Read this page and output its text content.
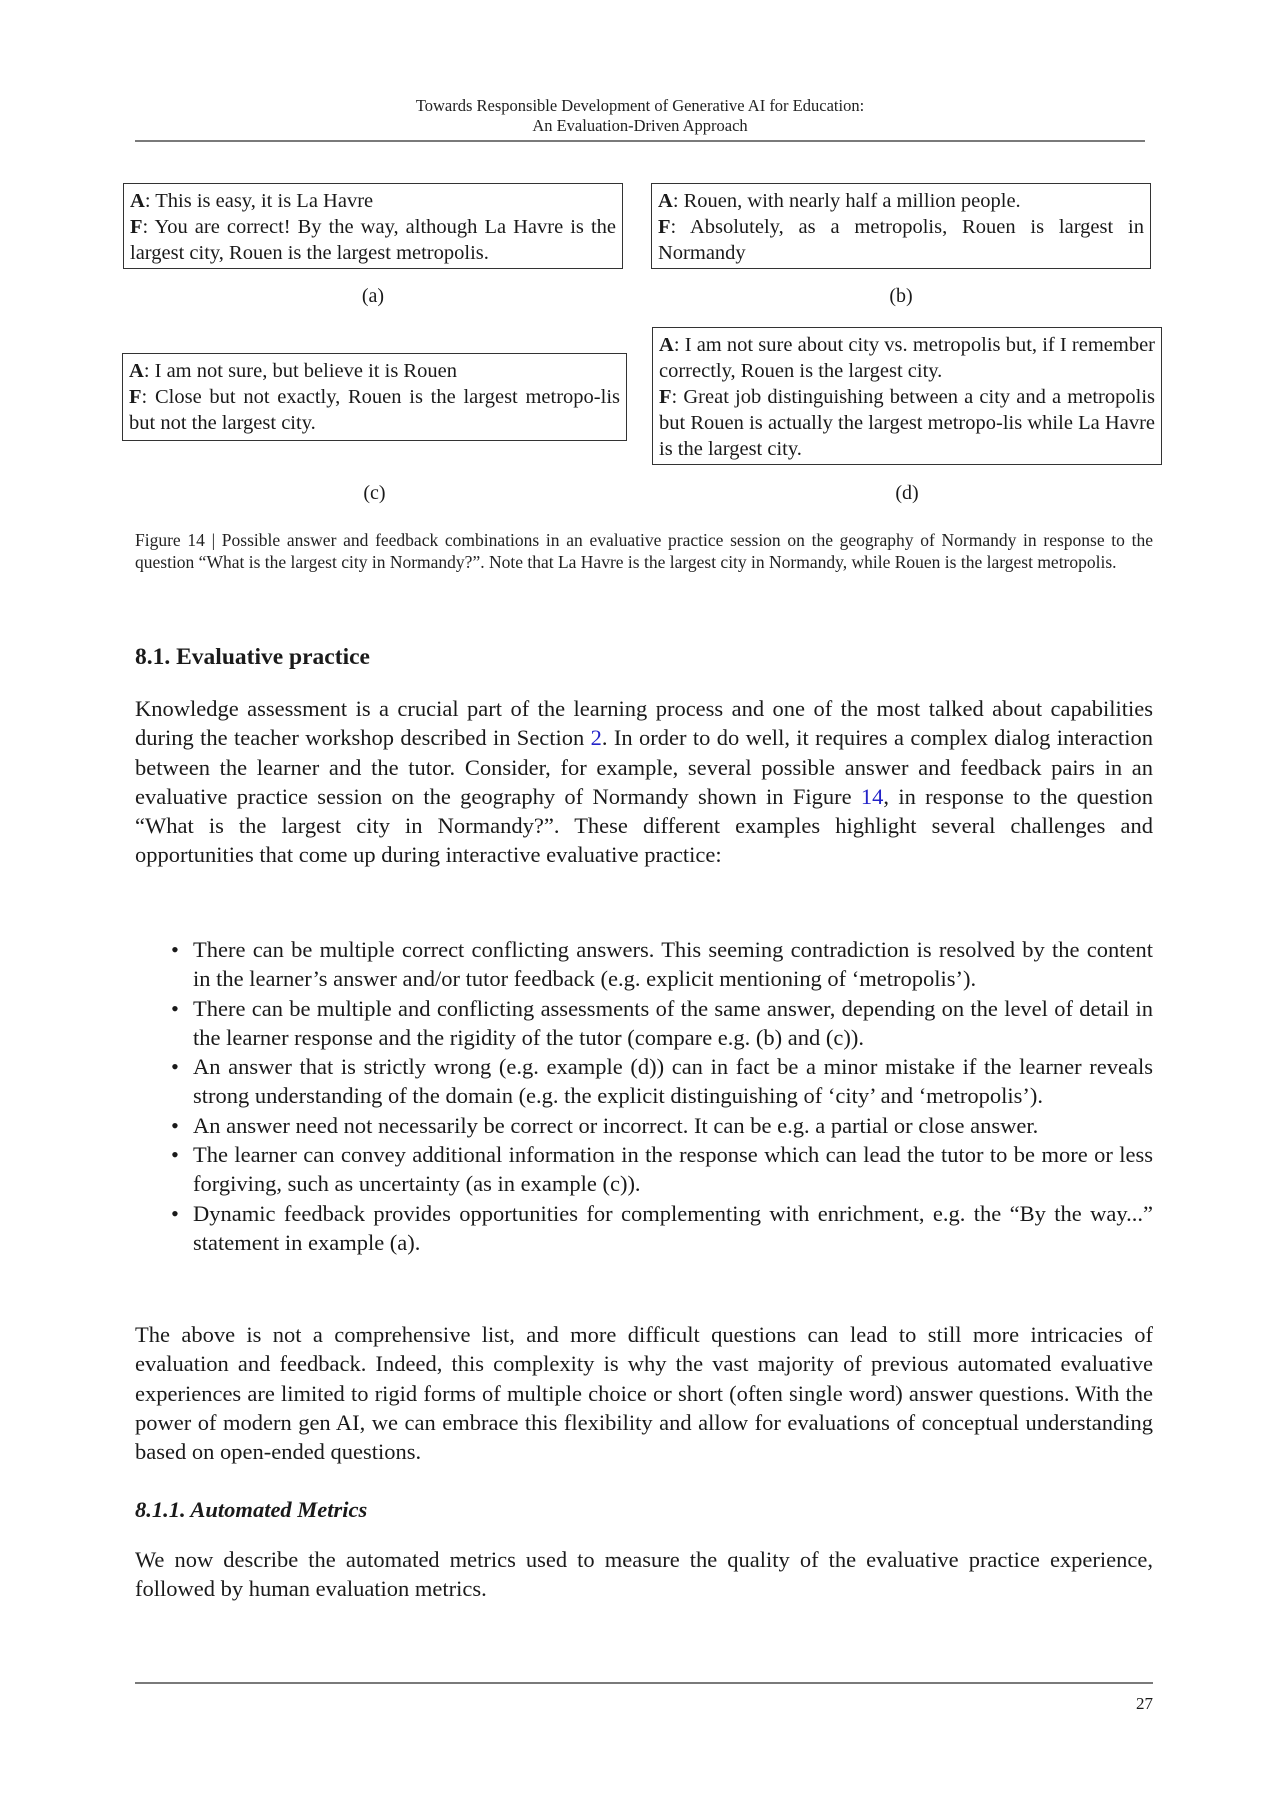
Towards Responsible Development of Generative AI for Education:
An Evaluation-Driven Approach
A: This is easy, it is La Havre
F: You are correct! By the way, although La Havre is the largest city, Rouen is the largest metropolis.
(a)
A: Rouen, with nearly half a million people.
F: Absolutely, as a metropolis, Rouen is largest in Normandy
(b)
A: I am not sure, but believe it is Rouen
F: Close but not exactly, Rouen is the largest metropo-lis but not the largest city.
(c)
A: I am not sure about city vs. metropolis but, if I remember correctly, Rouen is the largest city.
F: Great job distinguishing between a city and a metropolis but Rouen is actually the largest metropo-lis while La Havre is the largest city.
(d)
Figure 14 | Possible answer and feedback combinations in an evaluative practice session on the geography of Normandy in response to the question “What is the largest city in Normandy?”. Note that La Havre is the largest city in Normandy, while Rouen is the largest metropolis.
8.1. Evaluative practice
Knowledge assessment is a crucial part of the learning process and one of the most talked about capabilities during the teacher workshop described in Section 2. In order to do well, it requires a complex dialog interaction between the learner and the tutor. Consider, for example, several possible answer and feedback pairs in an evaluative practice session on the geography of Normandy shown in Figure 14, in response to the question “What is the largest city in Normandy?”. These different examples highlight several challenges and opportunities that come up during interactive evaluative practice:
• There can be multiple correct conflicting answers. This seeming contradiction is resolved by the content in the learner’s answer and/or tutor feedback (e.g. explicit mentioning of ‘metropolis’).
• There can be multiple and conflicting assessments of the same answer, depending on the level of detail in the learner response and the rigidity of the tutor (compare e.g. (b) and (c)).
• An answer that is strictly wrong (e.g. example (d)) can in fact be a minor mistake if the learner reveals strong understanding of the domain (e.g. the explicit distinguishing of ‘city’ and ‘metropolis’).
• An answer need not necessarily be correct or incorrect. It can be e.g. a partial or close answer.
• The learner can convey additional information in the response which can lead the tutor to be more or less forgiving, such as uncertainty (as in example (c)).
• Dynamic feedback provides opportunities for complementing with enrichment, e.g. the “By the way...” statement in example (a).
The above is not a comprehensive list, and more difficult questions can lead to still more intricacies of evaluation and feedback. Indeed, this complexity is why the vast majority of previous automated evaluative experiences are limited to rigid forms of multiple choice or short (often single word) answer questions. With the power of modern gen AI, we can embrace this flexibility and allow for evaluations of conceptual understanding based on open-ended questions.
8.1.1. Automated Metrics
We now describe the automated metrics used to measure the quality of the evaluative practice experience, followed by human evaluation metrics.
27
